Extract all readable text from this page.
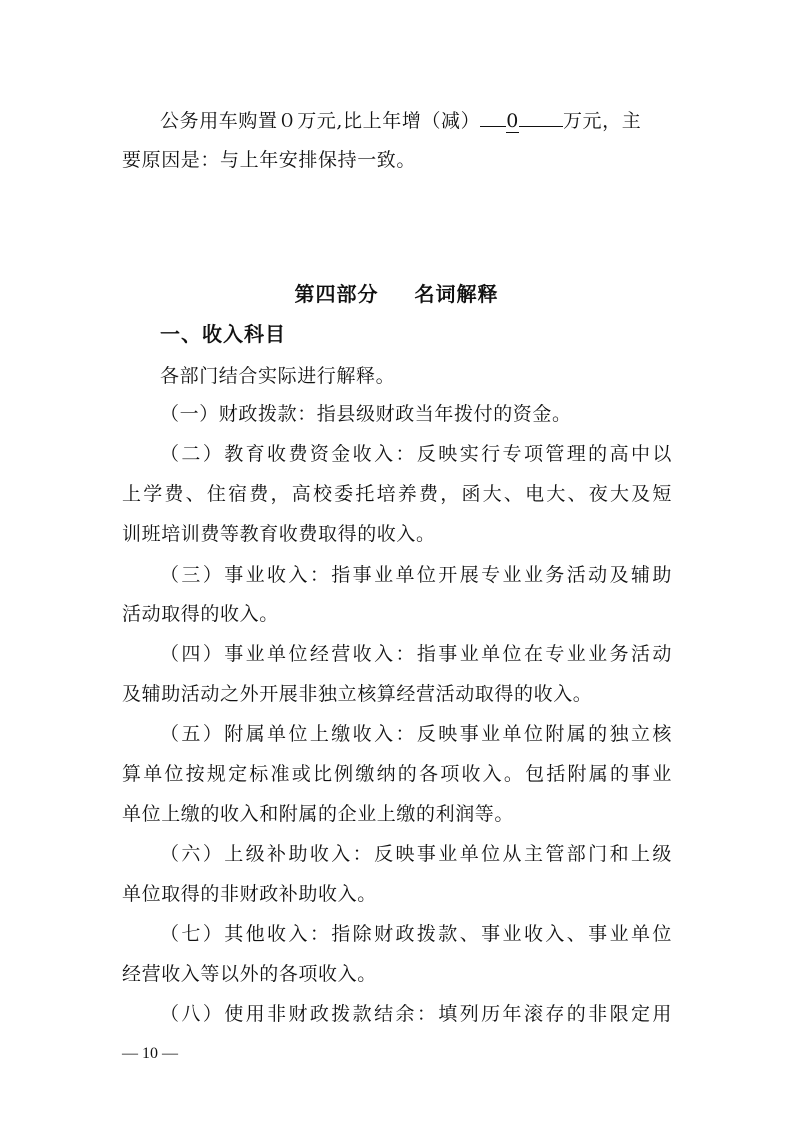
公务用车购置０万元,比上年增（减） 0 万元，主
要原因是：与上年安排保持一致。
第四部分 名词解释
一、收入科目
各部门结合实际进行解释。
（一）财政拨款：指县级财政当年拨付的资金。
（二）教育收费资金收入：反映实行专项管理的高中以
上学费、住宿费，高校委托培养费，函大、电大、夜大及短
训班培训费等教育收费取得的收入。
（三）事业收入：指事业单位开展专业业务活动及辅助
活动取得的收入。
（四）事业单位经营收入：指事业单位在专业业务活动
及辅助活动之外开展非独立核算经营活动取得的收入。
（五）附属单位上缴收入：反映事业单位附属的独立核
算单位按规定标准或比例缴纳的各项收入。包括附属的事业
单位上缴的收入和附属的企业上缴的利润等。
（六）上级补助收入：反映事业单位从主管部门和上级
单位取得的非财政补助收入。
（七）其他收入：指除财政拨款、事业收入、事业单位
经营收入等以外的各项收入。
（八）使用非财政拨款结余：填列历年滚存的非限定用
— 10 —
